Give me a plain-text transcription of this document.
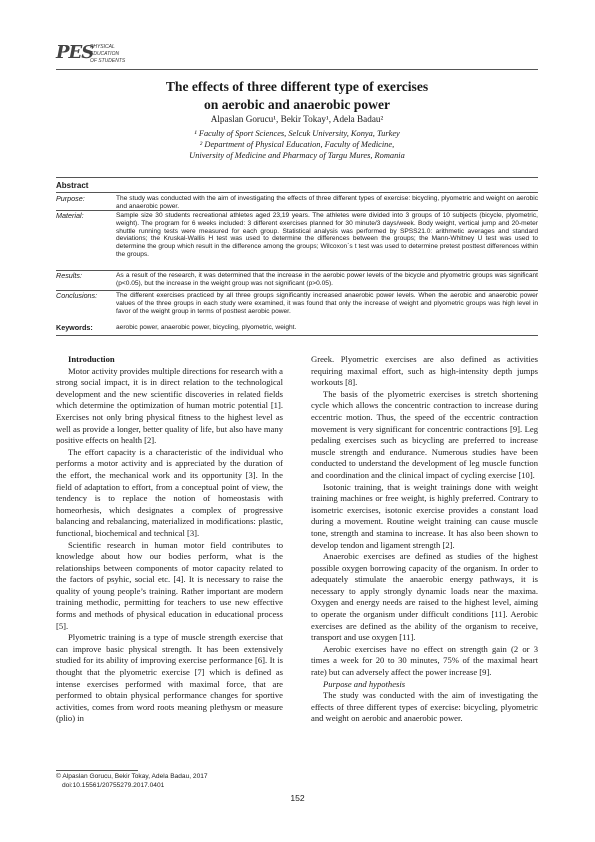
PES
PHYSICAL
EDUCATION
OF STUDENTS
The effects of three different type of exercises
on aerobic and anaerobic power
Alpaslan Gorucu¹, Bekir Tokay¹, Adela Badau²
¹ Faculty of Sport Sciences, Selcuk University, Konya, Turkey
² Department of Physical Education, Faculty of Medicine,
University of Medicine and Pharmacy of Targu Mures, Romania
Abstract
Purpose:	The study was conducted with the aim of investigating the effects of three different types of exercise: bicycling, plyometric and weight on aerobic and anaerobic power.
Material:	Sample size 30 students recreational athletes aged 23,19 years. The athletes were divided into 3 groups of 10 subjects (bicycle, plyometric, weight). The program for 6 weeks included: 3 different exercises planned for 30 minute/3 days/week. Body weight, vertical jump and 20-meter shuttle running tests were measured for each group. Statistical analysis was performed by SPSS21.0: arithmetic averages and standard deviations; the Kruskal-Wallis H test was used to determine the differences between the groups; the Mann-Whitney U test was used to determine the group which result in the difference among the groups; Wilcoxon`s t test was used to determine pretest posttest differences within the groups.
Results:	As a result of the research, it was determined that the increase in the aerobic power levels of the bicycle and plyometric groups was significant (p<0.05), but the increase in the weight group was not significant (p>0.05).
Conclusions:	The different exercises practiced by all three groups significantly increased anaerobic power levels. When the aerobic and anaerobic power values of the three groups in each study were examined, it was found that only the increase of weight and plyometric groups was high level in favor of the weight group in terms of posttest aerobic power.
Keywords:	aerobic power, anaerobic power, bicycling, plyometric, weight.

Introduction

Motor activity provides multiple directions for research with a strong social impact, it is in direct relation to the technological development and the new scientific discoveries in related fields which determine the optimization of human motric potential [1]. Exercises not only bring physical fitness to the highest level as well as provide a longer, better quality of life, but also have many positive effects on health [2].

The effort capacity is a characteristic of the individual who performs a motor activity and is appreciated by the duration of the effort, the mechanical work and its opportunity [3]. In the field of adaptation to effort, from a conceptual point of view, the tendency is to replace the notion of homeostasis with homeorhesis, which designates a complex of progressive balancing and rebalancing, materialized in modifications: plastic, functional, biochemical and technical [3].

Scientific research in human motor field contributes to knowledge about how our bodies perform, what is the relationships between components of motor capacity related to the factors of psyhic, social etc. [4]. It is necessary to raise the quality of young people’s training. Rather important are modern training methodic, permitting for teachers to use new effective forms and methods of physical education in educational process [5].

Plyometric training is a type of muscle strength exercise that can improve basic physical strength. It has been extensively studied for its ability of improving exercise performance [6]. It is thought that the plyometric exercise [7] which is defined as intense exercises performed with maximal force, that are performed to obtain physical performance changes for sportive activities, comes from word roots meaning plethysm or measure (plio) in

Greek. Plyometric exercises are also defined as activities requiring maximal effort, such as high-intensity depth jumps workouts [8].

The basis of the plyometric exercises is stretch shortening cycle which allows the concentric contraction to increase during eccentric motion. Thus, the speed of the eccentric contraction movement is very significant for concentric contractions [9]. Leg pedaling exercises such as bicycling are preferred to increase muscle strength and endurance. Numerous studies have been conducted to understand the development of leg muscle function and coordination and the clinical impact of cycling exercise [10].

Isotonic training, that is weight trainings done with weight training machines or free weight, is highly preferred. Contrary to isometric exercises, isotonic exercise provides a constant load during a movement. Routine weight training can cause muscle tone, strength and stamina to increase. It has also been shown to develop tendon and ligament strength [2].

Anaerobic exercises are defined as studies of the highest possible oxygen borrowing capacity of the organism. In order to adequately stimulate the anaerobic energy pathways, it is necessary to apply strongly dynamic loads near the maxima. Oxygen and energy needs are raised to the highest level, aiming to operate the organism under difficult conditions [11]. Aerobic exercises are defined as the ability of the organism to receive, transport and use oxygen [11].

Aerobic exercises have no effect on strength gain (2 or 3 times a week for 20 to 30 minutes, 75% of the maximal heart rate) but can adversely affect the power increase [9].

Purpose and hypothesis

The study was conducted with the aim of investigating the effects of three different types of exercise: bicycling, plyometric and weight on aerobic and anaerobic power.

© Alpaslan Gorucu, Bekir Tokay, Adela Badau, 2017
doi:10.15561/20755279.2017.0401
152
